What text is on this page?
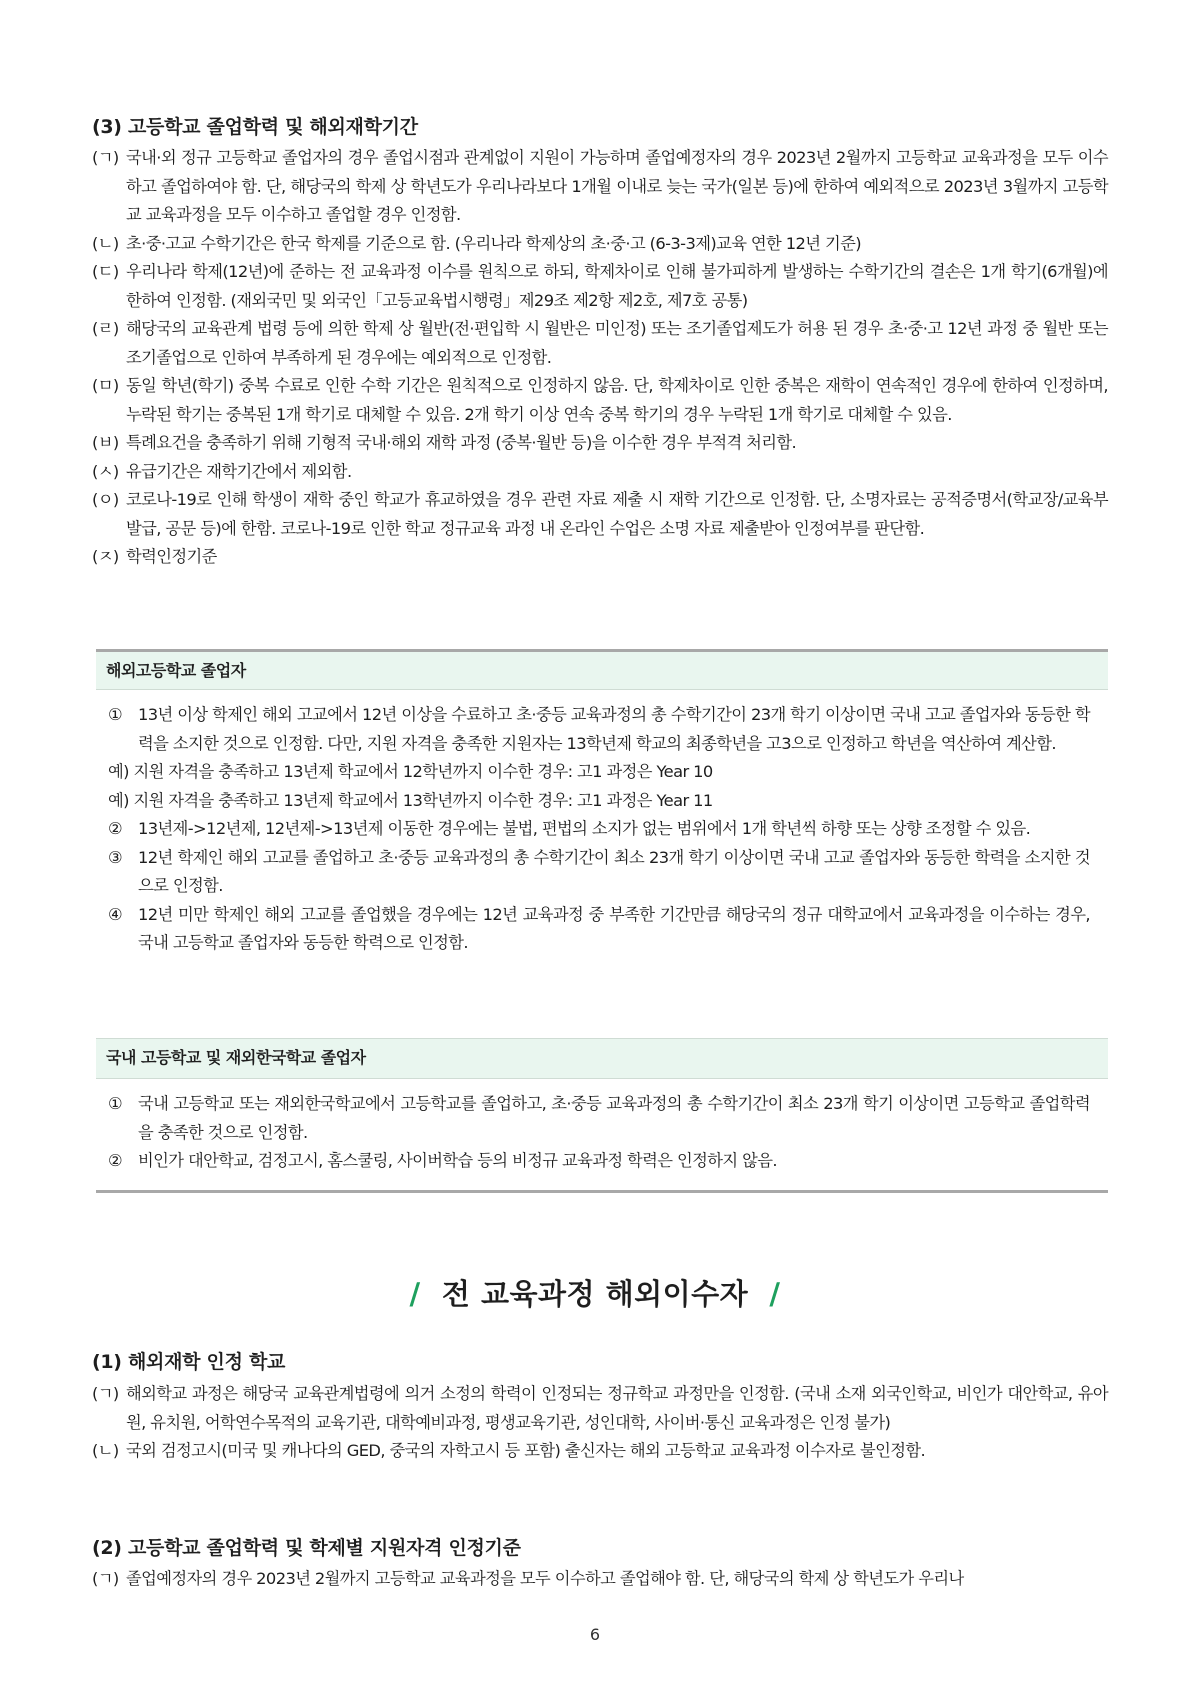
(3) 고등학교 졸업학력 및 해외재학기간
(ㄱ) 국내·외 정규 고등학교 졸업자의 경우 졸업시점과 관계없이 지원이 가능하며 졸업예정자의 경우 2023년 2월까지 고등학교 교육과정을 모두 이수하고 졸업하여야 함. 단, 해당국의 학제 상 학년도가 우리나라보다 1개월 이내로 늦는 국가(일본 등)에 한하여 예외적으로 2023년 3월까지 고등학교 교육과정을 모두 이수하고 졸업할 경우 인정함.
(ㄴ) 초·중·고교 수학기간은 한국 학제를 기준으로 함. (우리나라 학제상의 초·중·고 (6-3-3제)교육 연한 12년 기준)
(ㄷ) 우리나라 학제(12년)에 준하는 전 교육과정 이수를 원칙으로 하되, 학제차이로 인해 불가피하게 발생하는 수학기간의 결손은 1개 학기(6개월)에 한하여 인정함. (재외국민 및 외국인「고등교육법시행령」제29조 제2항 제2호, 제7호 공통)
(ㄹ) 해당국의 교육관계 법령 등에 의한 학제 상 월반(전·편입학 시 월반은 미인정) 또는 조기졸업제도가 허용 된 경우 초·중·고 12년 과정 중 월반 또는 조기졸업으로 인하여 부족하게 된 경우에는 예외적으로 인정함.
(ㅁ) 동일 학년(학기) 중복 수료로 인한 수학 기간은 원칙적으로 인정하지 않음. 단, 학제차이로 인한 중복은 재학이 연속적인 경우에 한하여 인정하며, 누락된 학기는 중복된 1개 학기로 대체할 수 있음. 2개 학기 이상 연속 중복 학기의 경우 누락된 1개 학기로 대체할 수 있음.
(ㅂ) 특례요건을 충족하기 위해 기형적 국내·해외 재학 과정 (중복·월반 등)을 이수한 경우 부적격 처리함.
(ㅅ) 유급기간은 재학기간에서 제외함.
(ㅇ) 코로나-19로 인해 학생이 재학 중인 학교가 휴교하였을 경우 관련 자료 제출 시 재학 기간으로 인정함. 단, 소명자료는 공적증명서(학교장/교육부 발급, 공문 등)에 한함. 코로나-19로 인한 학교 정규교육 과정 내 온라인 수업은 소명 자료 제출받아 인정여부를 판단함.
(ㅈ) 학력인정기준
해외고등학교 졸업자
① 13년 이상 학제인 해외 고교에서 12년 이상을 수료하고 초·중등 교육과정의 총 수학기간이 23개 학기 이상이면 국내 고교 졸업자와 동등한 학력을 소지한 것으로 인정함. 다만, 지원 자격을 충족한 지원자는 13학년제 학교의 최종학년을 고3으로 인정하고 학년을 역산하여 계산함.
예) 지원 자격을 충족하고 13년제 학교에서 12학년까지 이수한 경우: 고1 과정은 Year 10
예) 지원 자격을 충족하고 13년제 학교에서 13학년까지 이수한 경우: 고1 과정은 Year 11
② 13년제->12년제, 12년제->13년제 이동한 경우에는 불법, 편법의 소지가 없는 범위에서 1개 학년씩 하향 또는 상향 조정할 수 있음.
③ 12년 학제인 해외 고교를 졸업하고 초·중등 교육과정의 총 수학기간이 최소 23개 학기 이상이면 국내 고교 졸업자와 동등한 학력을 소지한 것으로 인정함.
④ 12년 미만 학제인 해외 고교를 졸업했을 경우에는 12년 교육과정 중 부족한 기간만큼 해당국의 정규 대학교에서 교육과정을 이수하는 경우, 국내 고등학교 졸업자와 동등한 학력으로 인정함.
국내 고등학교 및 재외한국학교 졸업자
① 국내 고등학교 또는 재외한국학교에서 고등학교를 졸업하고, 초·중등 교육과정의 총 수학기간이 최소 23개 학기 이상이면 고등학교 졸업학력을 충족한 것으로 인정함.
② 비인가 대안학교, 검정고시, 홈스쿨링, 사이버학습 등의 비정규 교육과정 학력은 인정하지 않음.
/ 전 교육과정 해외이수자 /
(1) 해외재학 인정 학교
(ㄱ) 해외학교 과정은 해당국 교육관계법령에 의거 소정의 학력이 인정되는 정규학교 과정만을 인정함. (국내 소재 외국인학교, 비인가 대안학교, 유아원, 유치원, 어학연수목적의 교육기관, 대학예비과정, 평생교육기관, 성인대학, 사이버·통신 교육과정은 인정 불가)
(ㄴ) 국외 검정고시(미국 및 캐나다의 GED, 중국의 자학고시 등 포함) 출신자는 해외 고등학교 교육과정 이수자로 불인정함.
(2) 고등학교 졸업학력 및 학제별 지원자격 인정기준
(ㄱ) 졸업예정자의 경우 2023년 2월까지 고등학교 교육과정을 모두 이수하고 졸업해야 함. 단, 해당국의 학제 상 학년도가 우리나
6
